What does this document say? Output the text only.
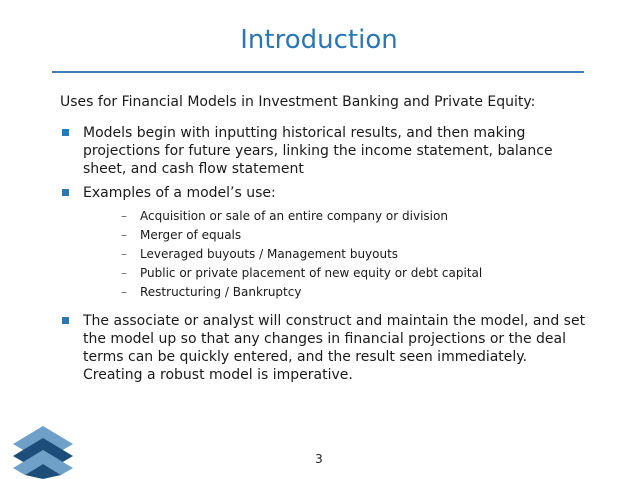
Introduction
Uses for Financial Models in Investment Banking and Private Equity:
Models begin with inputting historical results, and then making projections for future years, linking the income statement, balance sheet, and cash flow statement
Examples of a model’s use:
– Acquisition or sale of an entire company or division
– Merger of equals
– Leveraged buyouts / Management buyouts
– Public or private placement of new equity or debt capital
– Restructuring / Bankruptcy
The associate or analyst will construct and maintain the model, and set the model up so that any changes in financial projections or the deal terms can be quickly entered, and the result seen immediately. Creating a robust model is imperative.
3
